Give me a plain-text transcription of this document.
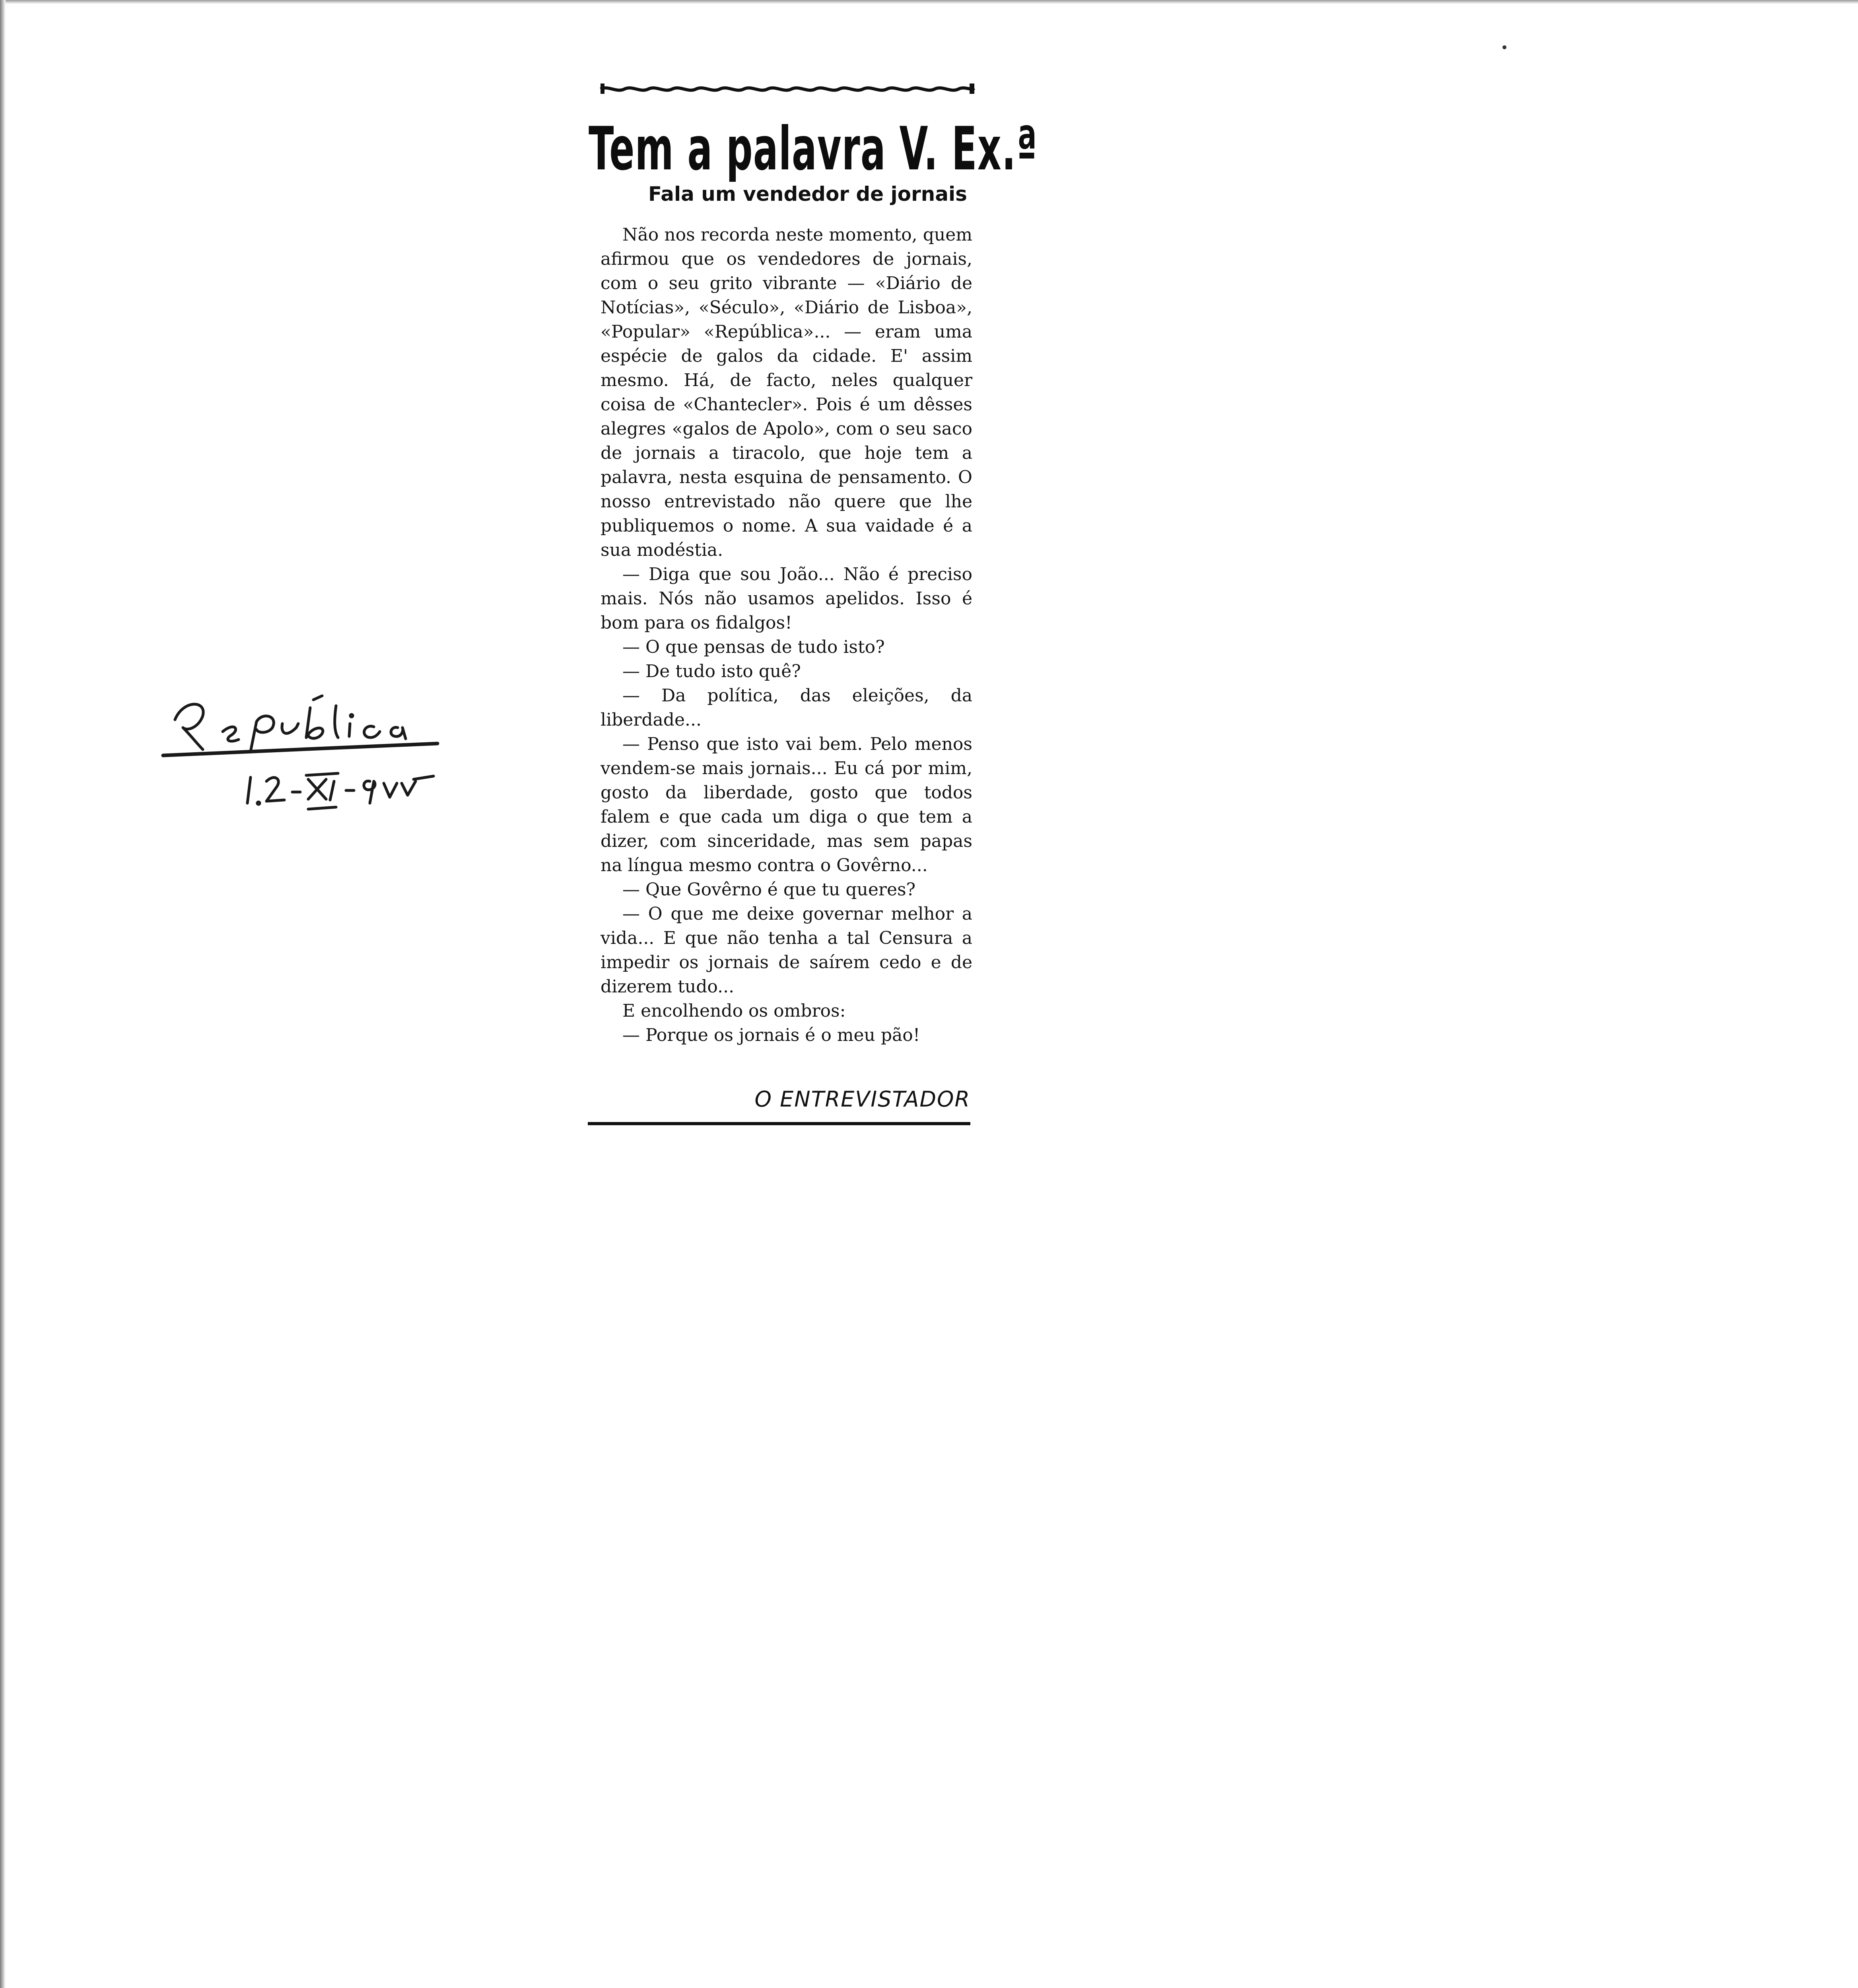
Tem a palavra V. Ex.ª
Fala um vendedor de jornais

Não nos recorda neste momento, quem afirmou que os vendedores de jornais, com o seu grito vibrante — «Diário de Notícias», «Século», «Diário de Lisboa», «Popular» «República»... — eram uma espécie de galos da cidade. E' assim mesmo. Há, de facto, neles qualquer coisa de «Chantecler». Pois é um dêsses alegres «galos de Apolo», com o seu saco de jornais a tiracolo, que hoje tem a palavra, nesta esquina de pensamento. O nosso entrevistado não quere que lhe publiquemos o nome. A sua vaidade é a sua modéstia.

— Diga que sou João... Não é preciso mais. Nós não usamos apelidos. Isso é bom para os fidalgos!

— O que pensas de tudo isto?

— De tudo isto quê?

— Da política, das eleições, da liberdade...

— Penso que isto vai bem. Pelo menos vendem-se mais jornais... Eu cá por mim, gosto da liberdade, gosto que todos falem e que cada um diga o que tem a dizer, com sinceridade, mas sem papas na língua mesmo contra o Govêrno...

— Que Govêrno é que tu queres?

— O que me deixe governar melhor a vida... E que não tenha a tal Censura a impedir os jornais de saírem cedo e de dizerem tudo...

E encolhendo os ombros:

— Porque os jornais é o meu pão!

O ENTREVISTADOR
